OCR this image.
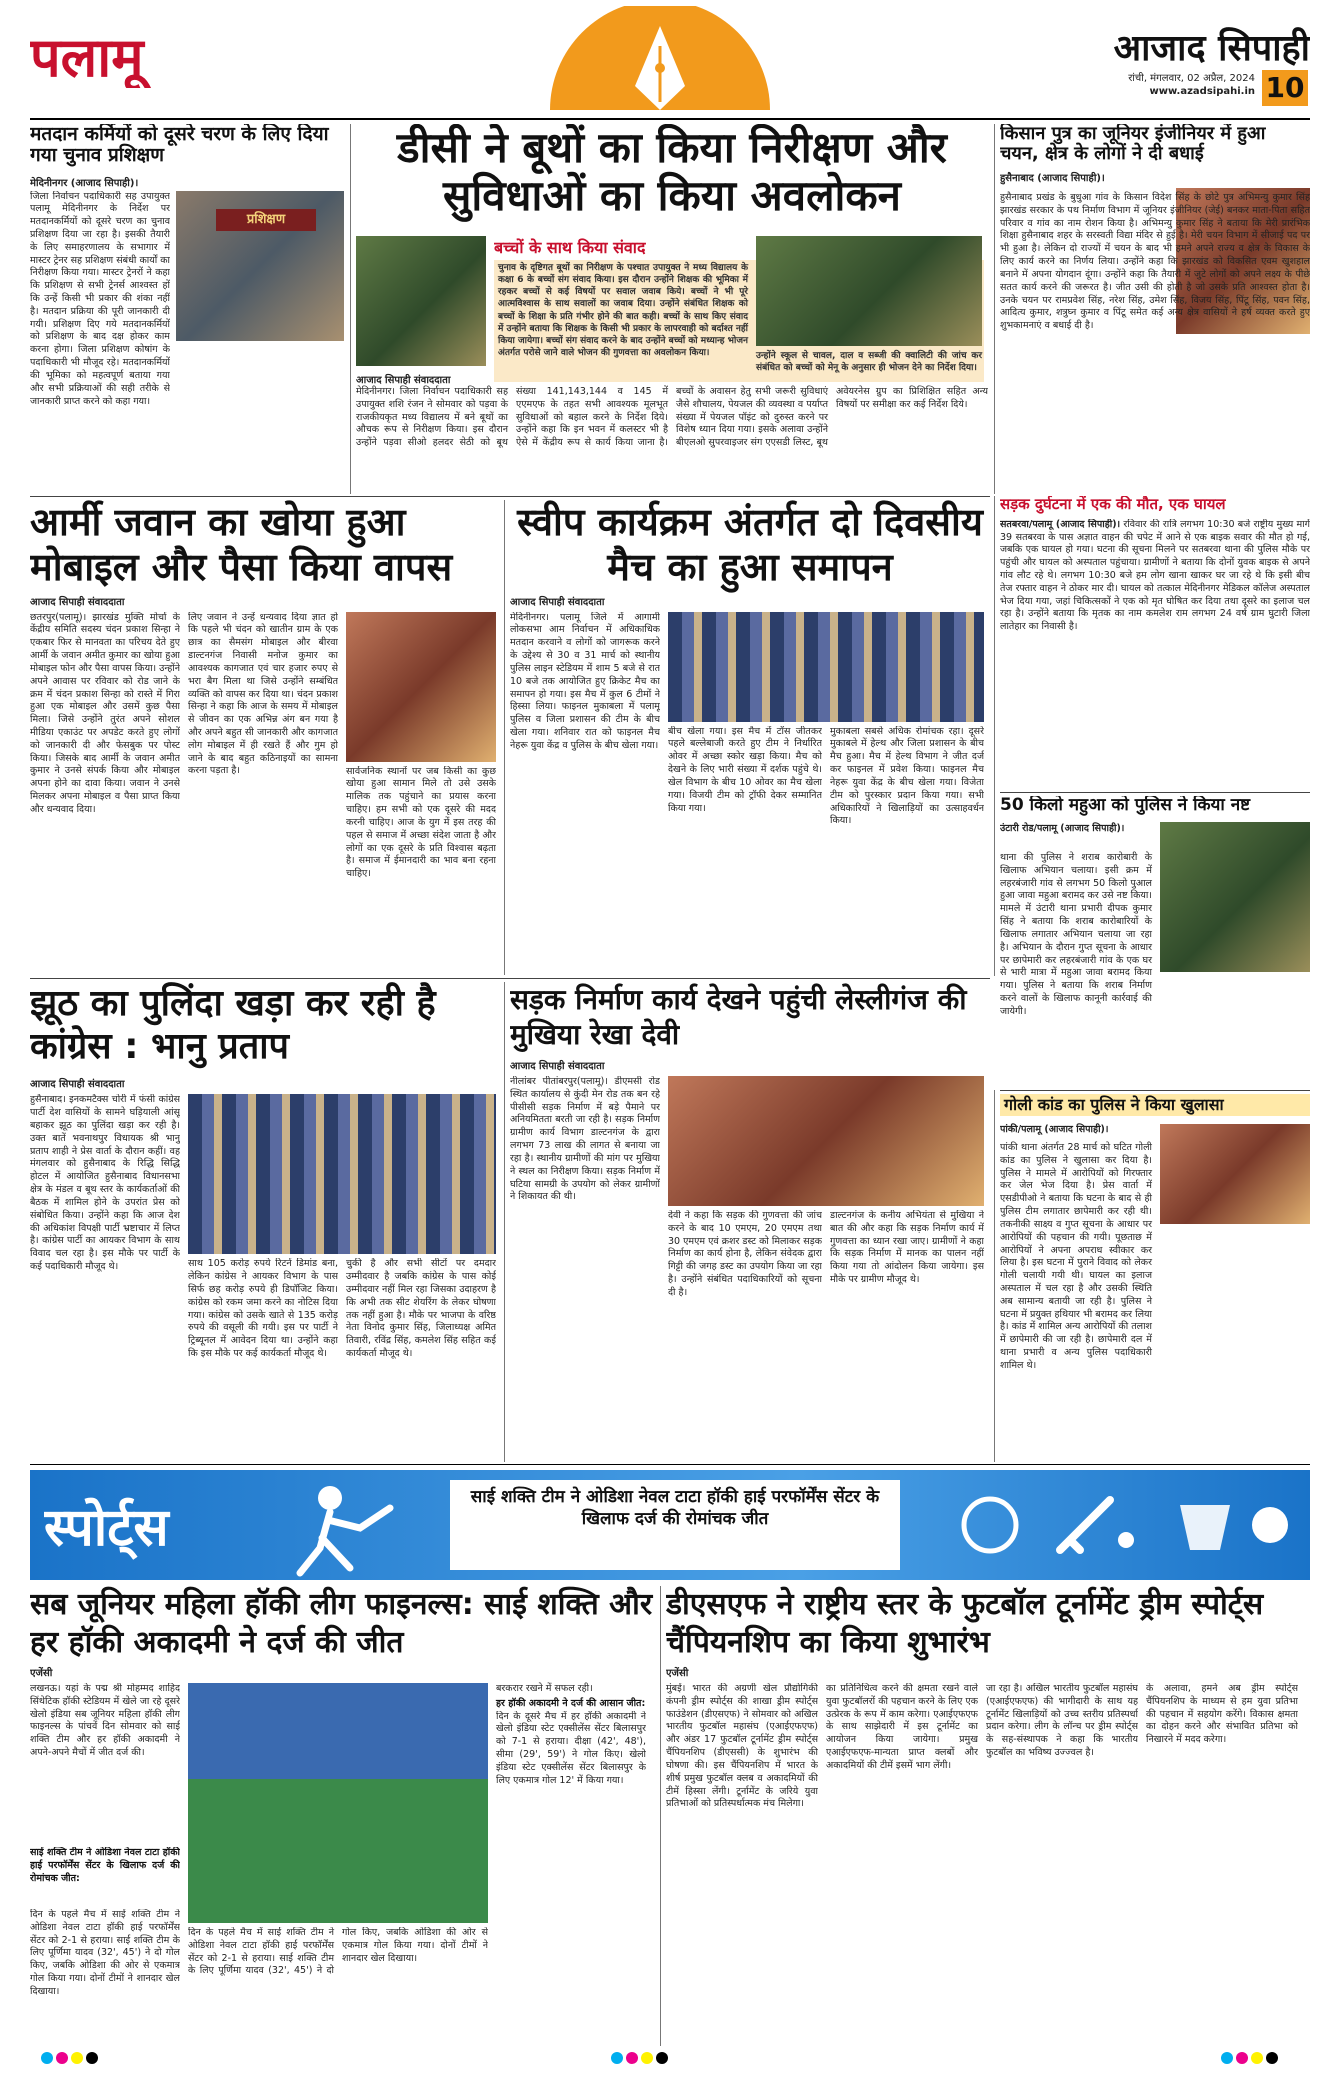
पलामू	आजाद सिपाही
रांची, मंगलवार, 02 अप्रैल, 2024
www.azadsipahi.in 10
मतदान कर्मियों को दूसरे चरण के लिए दिया गया चुनाव प्रशिक्षण
मेदिनीनगर (आजाद सिपाही)।
जिला निर्वाचन पदाधिकारी सह उपायुक्त पलामू मेदिनीनगर के निर्देश पर मतदानकर्मियों को दूसरे चरण का चुनाव प्रशिक्षण दिया जा रहा है। इसकी तैयारी के लिए समाहरणालय के सभागार में मास्टर ट्रेनर सह प्रशिक्षण संबंधी कार्यों का निरीक्षण किया गया। मास्टर ट्रेनरों ने कहा कि प्रशिक्षण से सभी ट्रेनर्स आश्वस्त हों कि उन्हें किसी भी प्रकार की शंका नहीं है। मतदान प्रक्रिया की पूरी जानकारी दी गयी। प्रशिक्षण दिए गये मतदानकर्मियों को प्रशिक्षण के बाद दक्ष होकर काम करना होगा। जिला प्रशिक्षण कोषांग के पदाधिकारी भी मौजूद रहे। मतदानकर्मियों की भूमिका को महत्वपूर्ण बताया गया और सभी प्रक्रियाओं की सही तरीके से जानकारी प्राप्त करने को कहा गया।
प्रशिक्षण
डीसी ने बूथों का किया निरीक्षण और सुविधाओं का किया अवलोकन
आजाद सिपाही संवाददाता
मेदिनीनगर। जिला निर्वाचन पदाधिकारी सह उपायुक्त शशि रंजन ने सोमवार को पड़वा के राजकीयकृत मध्य विद्यालय में बने बूथों का औचक रूप से निरीक्षण किया। इस दौरान उन्होंने पड़वा सीओ हलदर सेठी को बूथ संख्या 141,143,144 व 145 में एएमएफ के तहत सभी आवश्यक मूलभूत सुविधाओं को बहाल करने के निर्देश दिये। उन्होंने कहा कि इन भवन में कलस्टर भी है ऐसे में केंद्रीय रूप से कार्य किया जाना है। बच्चों के अवासन हेतु सभी जरूरी सुविधाएं जैसे शौचालय, पेयजल की व्यवस्था व पर्याप्त संख्या में पेयजल पॉइंट को दुरुस्त करने पर विशेष ध्यान दिया गया। इसके अलावा उन्होंने बीएलओ सुपरवाइजर संग एएसडी लिस्ट, बूथ अवेयरनेस ग्रुप का प्रिशिक्षित सहित अन्य विषयों पर समीक्षा कर कई निर्देश दिये।
बच्चों के साथ किया संवाद
चुनाव के दृष्टिगत बूथों का निरीक्षण के पश्चात उपायुक्त ने मध्य विद्यालय के कक्षा 6 के बच्चों संग संवाद किया। इस दौरान उन्होंने शिक्षक की भूमिका में रहकर बच्चों से कई विषयों पर सवाल जवाब किये। बच्चों ने भी पूरे आत्मविश्वास के साथ सवालों का जवाब दिया। उन्होंने संबंधित शिक्षक को बच्चों के शिक्षा के प्रति गंभीर होने की बात कही। बच्चों के साथ किए संवाद में उन्होंने बताया कि शिक्षक के किसी भी प्रकार के लापरवाही को बर्दाश्त नहीं किया जायेगा। बच्चों संग संवाद करने के बाद उन्होंने बच्चों को मध्यान्ह भोजन अंतर्गत परोसे जाने वाले भोजन की गुणवत्ता का अवलोकन किया।	उन्होंने स्कूल से चावल, दाल व सब्जी की क्वालिटी की जांच कर संबंधित को बच्चों को मेनू के अनुसार ही भोजन देने का निर्देश दिया।
किसान पुत्र का जूनियर इंजीनियर में हुआ चयन, क्षेत्र के लोगों ने दी बधाई
हुसैनाबाद (आजाद सिपाही)।
हुसैनाबाद प्रखंड के बुधुआ गांव के किसान विदेश सिंह के छोटे पुत्र अभिमन्यु कुमार सिंह झारखंड सरकार के पथ निर्माण विभाग में जूनियर इंजीनियर (जेई) बनकर माता-पिता सहित परिवार व गांव का नाम रोशन किया है। अभिमन्यु कुमार सिंह ने बताया कि मेरी प्रारंभिक शिक्षा हुसैनाबाद शहर के सरस्वती विद्या मंदिर से हुई है। मेरी चयन विभाग में सीजाई पद पर भी हुआ है। लेकिन दो राज्यों में चयन के बाद भी हमने अपने राज्य व क्षेत्र के विकास के लिए कार्य करने का निर्णय लिया। उन्होंने कहा कि झारखंड को विकसित एवम खुशहाल बनाने में अपना योगदान दूंगा। उन्होंने कहा कि तैयारी में जुटे लोगों को अपने लक्ष्य के पीछे सतत कार्य करने की जरूरत है। जीत उसी की होती है जो उसके प्रति आश्वस्त होता है। उनके चयन पर रामप्रवेश सिंह, नरेश सिंह, उमेश सिंह, विजय सिंह, पिंटू सिंह, पवन सिंह, आदित्य कुमार, शत्रुघ्न कुमार व पिंटू समेत कई अन्य क्षेत्र वासियों ने हर्ष व्यक्त करते हुए शुभकामनाएं व बधाई दी है।
आर्मी जवान का खोया हुआ मोबाइल और पैसा किया वापस
आजाद सिपाही संवाददाता
छतरपुर(पलामू)। झारखंड मुक्ति मोर्चा के केंद्रीय समिति सदस्य चंदन प्रकाश सिन्हा ने एकबार फिर से मानवता का परिचय देते हुए आर्मी के जवान अमीत कुमार का खोया हुआ मोबाइल फोन और पैसा वापस किया। उन्होंने अपने आवास पर रविवार को रोड जाने के क्रम में चंदन प्रकाश सिन्हा को रास्ते में गिरा हुआ एक मोबाइल और उसमें कुछ पैसा मिला। जिसे उन्होंने तुरंत अपने सोशल मीडिया एकाउंट पर अपडेट करते हुए लोगों को जानकारी दी और फेसबुक पर पोस्ट किया। जिसके बाद आर्मी के जवान अमीत कुमार ने उनसे संपर्क किया और मोबाइल अपना होने का दावा किया। जवान ने उनसे मिलकर अपना मोबाइल व पैसा प्राप्त किया और धन्यवाद दिया।
लिए जवान ने उन्हें धन्यवाद दिया ज्ञात हो कि पहले भी चंदन को खातीन ग्राम के एक छात्र का सैमसंग मोबाइल और बीरवा डाल्टनगंज निवासी मनोज कुमार का आवश्यक कागजात एवं चार हजार रुपए से भरा बैग मिला था जिसे उन्होंने सम्बंधित व्यक्ति को वापस कर दिया था। चंदन प्रकाश सिन्हा ने कहा कि आज के समय में मोबाइल से जीवन का एक अभिन्न अंग बन गया है और अपने बहुत सी जानकारी और कागजात लोग मोबाइल में ही रखते हैं और गुम हो जाने के बाद बहुत कठिनाइयों का सामना करना पड़ता है।	सार्वजनिक स्थानों पर जब किसी का कुछ खोया हुआ सामान मिले तो उसे उसके मालिक तक पहुंचाने का प्रयास करना चाहिए। हम सभी को एक दूसरे की मदद करनी चाहिए। आज के युग में इस तरह की पहल से समाज में अच्छा संदेश जाता है और लोगों का एक दूसरे के प्रति विश्वास बढ़ता है। समाज में ईमानदारी का भाव बना रहना चाहिए।
स्वीप कार्यक्रम अंतर्गत दो दिवसीय मैच का हुआ समापन
आजाद सिपाही संवाददाता
मेदिनीनगर। पलामू जिले में आगामी लोकसभा आम निर्वाचन में अधिकाधिक मतदान करवाने व लोगों को जागरूक करने के उद्देश्य से 30 व 31 मार्च को स्थानीय पुलिस लाइन स्टेडियम में शाम 5 बजे से रात 10 बजे तक आयोजित हुए क्रिकेट मैच का समापन हो गया। इस मैच में कुल 6 टीमों ने हिस्सा लिया। फाइनल मुकाबला में पलामू पुलिस व जिला प्रशासन की टीम के बीच खेला गया। शनिवार रात को फाइनल मैच नेहरू युवा केंद्र व पुलिस के बीच खेला गया।
बीच खेला गया। इस मैच में टॉस जीतकर पहले बल्लेबाजी करते हुए टीम ने निर्धारित ओवर में अच्छा स्कोर खड़ा किया। मैच को देखने के लिए भारी संख्या में दर्शक पहुंचे थे। खेल विभाग के बीच 10 ओवर का मैच खेला गया। विजयी टीम को ट्रॉफी देकर सम्मानित किया गया।
मुकाबला सबसे अधिक रोमांचक रहा। दूसरे मुकाबले में हेल्थ और जिला प्रशासन के बीच मैच हुआ। मैच में हेल्थ विभाग ने जीत दर्ज कर फाइनल में प्रवेश किया। फाइनल मैच नेहरू युवा केंद्र के बीच खेला गया। विजेता टीम को पुरस्कार प्रदान किया गया। सभी अधिकारियों ने खिलाड़ियों का उत्साहवर्धन किया।
सड़क दुर्घटना में एक की मौत, एक घायल
सतबरवा/पलामू (आजाद सिपाही)। रविवार की रात्रि लगभग 10:30 बजे राष्ट्रीय मुख्य मार्ग 39 सतबरवा के पास अज्ञात वाहन की चपेट में आने से एक बाइक सवार की मौत हो गई, जबकि एक घायल हो गया। घटना की सूचना मिलने पर सतबरवा थाना की पुलिस मौके पर पहुंची और घायल को अस्पताल पहुंचाया। ग्रामीणों ने बताया कि दोनों युवक बाइक से अपने गांव लौट रहे थे। लगभग 10:30 बजे हम लोग खाना खाकर घर जा रहे थे कि इसी बीच तेज रफ्तार वाहन ने ठोकर मार दी। घायल को तत्काल मेदिनीनगर मेडिकल कॉलेज अस्पताल भेज दिया गया, जहां चिकित्सकों ने एक को मृत घोषित कर दिया तथा दूसरे का इलाज चल रहा है। उन्होंने बताया कि मृतक का नाम कमलेश राम लगभग 24 वर्ष ग्राम घुटारी जिला लातेहार का निवासी है।
50 किलो महुआ को पुलिस ने किया नष्ट
उंटारी रोड/पलामू (आजाद सिपाही)।
थाना की पुलिस ने शराब कारोबारी के खिलाफ अभियान चलाया। इसी क्रम में लहरबंजारी गांव से लगभग 50 किलो पुआल हुआ जावा महुआ बरामद कर उसे नष्ट किया। मामले में उंटारी थाना प्रभारी दीपक कुमार सिंह ने बताया कि शराब कारोबारियों के खिलाफ लगातार अभियान चलाया जा रहा है। अभियान के दौरान गुप्त सूचना के आधार पर छापेमारी कर लहरबंजारी गांव के एक घर से भारी मात्रा में महुआ जावा बरामद किया गया। पुलिस ने बताया कि शराब निर्माण करने वालों के खिलाफ कानूनी कार्रवाई की जायेगी।
झूठ का पुलिंदा खड़ा कर रही है कांग्रेस : भानु प्रताप
आजाद सिपाही संवाददाता
हुसैनाबाद। इनकमटैक्स चोरी में फंसी कांग्रेस पार्टी देश वासियों के सामने घड़ियाली आंसू बहाकर झूठ का पुलिंदा खड़ा कर रही है। उक्त बातें भवनाथपुर विधायक श्री भानु प्रताप शाही ने प्रेस वार्ता के दौरान कहीं। वह मंगलवार को हुसैनाबाद के रिद्धि सिद्धि होटल में आयोजित हुसैनाबाद विधानसभा क्षेत्र के मंडल व बूथ स्तर के कार्यकर्ताओं की बैठक में शामिल होने के उपरांत प्रेस को संबोधित किया। उन्होंने कहा कि आज देश की अधिकांश विपक्षी पार्टी भ्रष्टाचार में लिप्त है। कांग्रेस पार्टी का आयकर विभाग के साथ विवाद चल रहा है। इस मौके पर पार्टी के कई पदाधिकारी मौजूद थे।	साथ 105 करोड़ रुपये रिटर्न डिमांड बना, लेकिन कांग्रेस ने आयकर विभाग के पास सिर्फ छह करोड़ रुपये ही डिपॉजिट किया। कांग्रेस को रकम जमा करने का नोटिस दिया गया। कांग्रेस को उसके खाते से 135 करोड़ रुपये की वसूली की गयी। इस पर पार्टी ने ट्रिब्यूनल में आवेदन दिया था। उन्होंने कहा कि इस मौके पर कई कार्यकर्ता मौजूद थे।
चुकी है और सभी सीटों पर दमदार उम्मीदवार है जबकि कांग्रेस के पास कोई उम्मीदवार नहीं मिल रहा जिसका उदाहरण है कि अभी तक सीट शेयरिंग के लेकर घोषणा तक नहीं हुआ है। मौके पर भाजपा के वरिष्ठ नेता विनोद कुमार सिंह, जिलाध्यक्ष अमित तिवारी, रविंद्र सिंह, कमलेश सिंह सहित कई कार्यकर्ता मौजूद थे।
सड़क निर्माण कार्य देखने पहुंची लेस्लीगंज की मुखिया रेखा देवी
आजाद सिपाही संवाददाता
नीलांबर पीतांबरपुर(पलामू)। डीएमसी रोड स्थित कार्यालय से कुंदी मेन रोड तक बन रहे पीसीसी सड़क निर्माण में बड़े पैमाने पर अनियमितता बरती जा रही है। सड़क निर्माण ग्रामीण कार्य विभाग डाल्टनगंज के द्वारा लगभग 73 लाख की लागत से बनाया जा रहा है। स्थानीय ग्रामीणों की मांग पर मुखिया ने स्थल का निरीक्षण किया। सड़क निर्माण में घटिया सामग्री के उपयोग को लेकर ग्रामीणों ने शिकायत की थी।
देवी ने कहा कि सड़क की गुणवत्ता की जांच करने के बाद 10 एमएम, 20 एमएम तथा 30 एमएम एवं क्रशर डस्ट को मिलाकर सड़क निर्माण का कार्य होना है, लेकिन संवेदक द्वारा गिट्टी की जगह डस्ट का उपयोग किया जा रहा है। उन्होंने संबंधित पदाधिकारियों को सूचना दी है।
डाल्टनगंज के कनीय अभियंता से मुखिया ने बात की और कहा कि सड़क निर्माण कार्य में गुणवत्ता का ध्यान रखा जाए। ग्रामीणों ने कहा कि सड़क निर्माण में मानक का पालन नहीं किया गया तो आंदोलन किया जायेगा। इस मौके पर ग्रामीण मौजूद थे।
गोली कांड का पुलिस ने किया खुलासा
पांकी/पलामू (आजाद सिपाही)।
पांकी थाना अंतर्गत 28 मार्च को घटित गोली कांड का पुलिस ने खुलासा कर दिया है। पुलिस ने मामले में आरोपियों को गिरफ्तार कर जेल भेज दिया है। प्रेस वार्ता में एसडीपीओ ने बताया कि घटना के बाद से ही पुलिस टीम लगातार छापेमारी कर रही थी। तकनीकी साक्ष्य व गुप्त सूचना के आधार पर आरोपियों की पहचान की गयी। पूछताछ में आरोपियों ने अपना अपराध स्वीकार कर लिया है। इस घटना में पुराने विवाद को लेकर गोली चलायी गयी थी। घायल का इलाज अस्पताल में चल रहा है और उसकी स्थिति अब सामान्य बतायी जा रही है। पुलिस ने घटना में प्रयुक्त हथियार भी बरामद कर लिया है। कांड में शामिल अन्य आरोपियों की तलाश में छापेमारी की जा रही है। छापेमारी दल में थाना प्रभारी व अन्य पुलिस पदाधिकारी शामिल थे।
स्पोर्ट्स
साई शक्ति टीम ने ओडिशा नेवल टाटा हॉकी हाई परफॉर्मेंस सेंटर के खिलाफ दर्ज की रोमांचक जीत
सब जूनियर महिला हॉकी लीग फाइनल्स: साई शक्ति और हर हॉकी अकादमी ने दर्ज की जीत
एजेंसी
लखनऊ। यहां के पद्म श्री मोहम्मद शाहिद सिंथेटिक हॉकी स्टेडियम में खेले जा रहे दूसरे खेलो इंडिया सब जूनियर महिला हॉकी लीग फाइनल्स के पांचवें दिन सोमवार को साई शक्ति टीम और हर हॉकी अकादमी ने अपने-अपने मैचों में जीत दर्ज की।
साई शक्ति टीम ने ओडिशा नेवल टाटा हॉकी हाई परफॉर्मेंस सेंटर के खिलाफ दर्ज की रोमांचक जीत:
दिन के पहले मैच में साई शक्ति टीम ने ओडिशा नेवल टाटा हॉकी हाई परफॉर्मेंस सेंटर को 2-1 से हराया। साई शक्ति टीम के लिए पूर्णिमा यादव (32', 45') ने दो गोल किए, जबकि ओडिशा की ओर से एकमात्र गोल किया गया। दोनों टीमों ने शानदार खेल दिखाया।
दिन के पहले मैच में साई शक्ति टीम ने ओडिशा नेवल टाटा हॉकी हाई परफॉर्मेंस सेंटर को 2-1 से हराया। साई शक्ति टीम के लिए पूर्णिमा यादव (32', 45') ने दो गोल किए, जबकि ओडिशा की ओर से एकमात्र गोल किया गया। दोनों टीमों ने शानदार खेल दिखाया।
बरकरार रखने में सफल रही।
हर हॉकी अकादमी ने दर्ज की आसान जीत:
दिन के दूसरे मैच में हर हॉकी अकादमी ने खेलो इंडिया स्टेट एक्सीलेंस सेंटर बिलासपुर को 7-1 से हराया। दीक्षा (42', 48'), सीमा (29', 59') ने गोल किए। खेलो इंडिया स्टेट एक्सीलेंस सेंटर बिलासपुर के लिए एकमात्र गोल 12' में किया गया।
डीएसएफ ने राष्ट्रीय स्तर के फुटबॉल टूर्नामेंट ड्रीम स्पोर्ट्स चैंपियनशिप का किया शुभारंभ
एजेंसी
मुंबई। भारत की अग्रणी खेल प्रौद्योगिकी कंपनी ड्रीम स्पोर्ट्स की शाखा ड्रीम स्पोर्ट्स फाउंडेशन (डीएसएफ) ने सोमवार को अखिल भारतीय फुटबॉल महासंघ (एआईएफएफ) और अंडर 17 फुटबॉल टूर्नामेंट ड्रीम स्पोर्ट्स चैंपियनशिप (डीएससी) के शुभारंभ की घोषणा की। इस चैंपियनशिप में भारत के शीर्ष प्रमुख फुटबॉल क्लब व अकादमियों की टीमें हिस्सा लेंगी। टूर्नामेंट के जरिये युवा प्रतिभाओं को प्रतिस्पर्धात्मक मंच मिलेगा।
का प्रतिनिधित्व करने की क्षमता रखने वाले युवा फुटबॉलरों की पहचान करने के लिए एक उत्प्रेरक के रूप में काम करेगा। एआईएफएफ के साथ साझेदारी में इस टूर्नामेंट का आयोजन किया जायेगा। प्रमुख एआईएफएफ-मान्यता प्राप्त क्लबों और अकादमियों की टीमें इसमें भाग लेंगी।
जा रहा है। अखिल भारतीय फुटबॉल महासंघ (एआईएफएफ) की भागीदारी के साथ यह टूर्नामेंट खिलाड़ियों को उच्च स्तरीय प्रतिस्पर्धा प्रदान करेगा। लीग के लॉन्च पर ड्रीम स्पोर्ट्स के सह-संस्थापक ने कहा कि भारतीय फुटबॉल का भविष्य उज्ज्वल है।
के अलावा, हमने अब ड्रीम स्पोर्ट्स चैंपियनशिप के माध्यम से हम युवा प्रतिभा की पहचान में सहयोग करेंगे। विकास क्षमता का दोहन करने और संभावित प्रतिभा को निखारने में मदद करेगा।
